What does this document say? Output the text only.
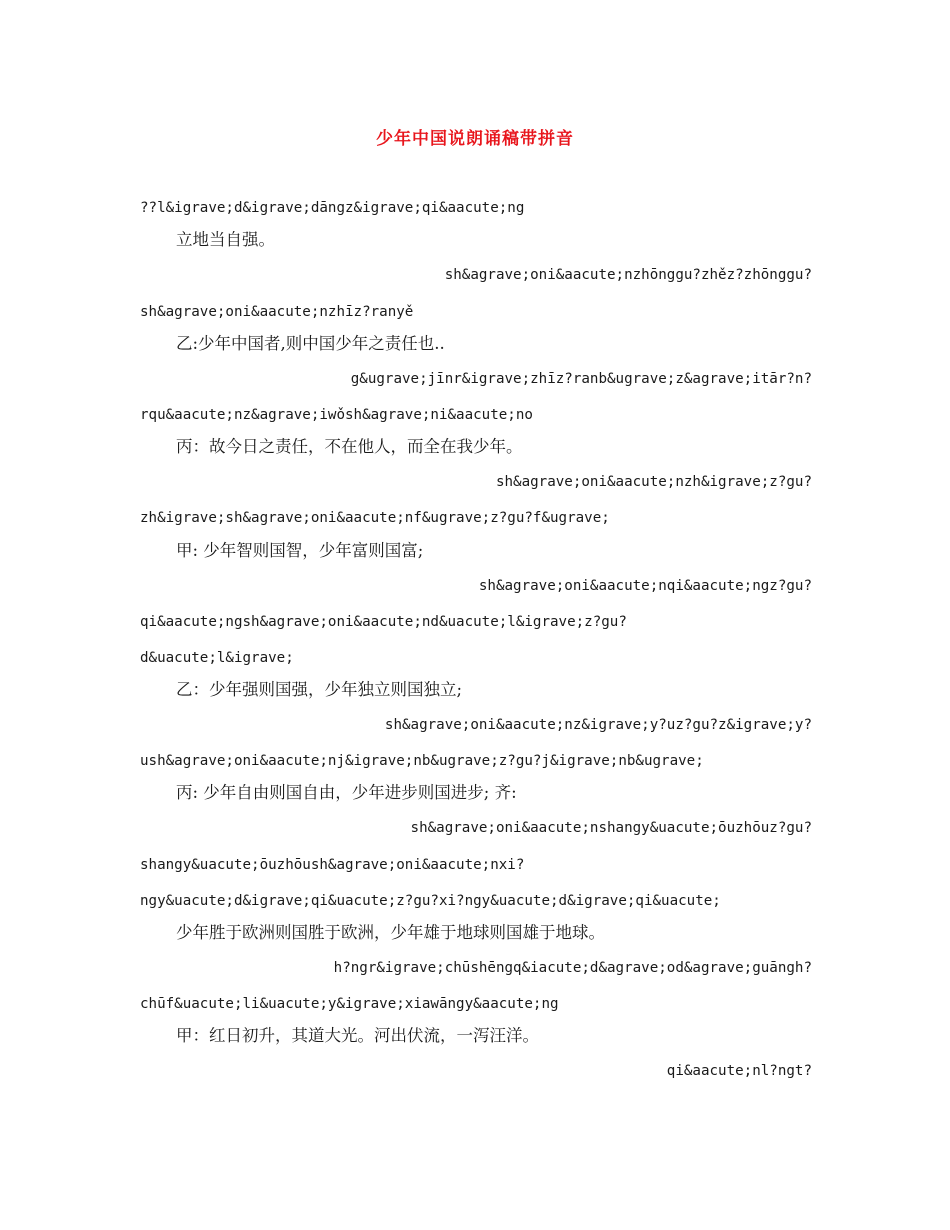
少年中国说朗诵稿带拼音
??l&igrave;d&igrave;dāngz&igrave;qi&aacute;ng
立地当自强。
sh&agrave;oni&aacute;nzhōnggu?zhěz?zhōnggu?
sh&agrave;oni&aacute;nzhīz?ranyě
乙:少年中国者,则中国少年之责任也..
g&ugrave;jīnr&igrave;zhīz?ranb&ugrave;z&agrave;itār?n?
rqu&aacute;nz&agrave;iwǒsh&agrave;ni&aacute;no
丙：故今日之责任，不在他人，而全在我少年。
sh&agrave;oni&aacute;nzh&igrave;z?gu?
zh&igrave;sh&agrave;oni&aacute;nf&ugrave;z?gu?f&ugrave;
甲: 少年智则国智，少年富则国富;
sh&agrave;oni&aacute;nqi&aacute;ngz?gu?
qi&aacute;ngsh&agrave;oni&aacute;nd&uacute;l&igrave;z?gu?
d&uacute;l&igrave;
乙：少年强则国强，少年独立则国独立;
sh&agrave;oni&aacute;nz&igrave;y?uz?gu?z&igrave;y?
ush&agrave;oni&aacute;nj&igrave;nb&ugrave;z?gu?j&igrave;nb&ugrave;
丙: 少年自由则国自由，少年进步则国进步; 齐:
sh&agrave;oni&aacute;nshangy&uacute;ōuzhōuz?gu?
shangy&uacute;ōuzhōush&agrave;oni&aacute;nxi?
ngy&uacute;d&igrave;qi&uacute;z?gu?xi?ngy&uacute;d&igrave;qi&uacute;
少年胜于欧洲则国胜于欧洲，少年雄于地球则国雄于地球。
h?ngr&igrave;chūshēngq&iacute;d&agrave;od&agrave;guāngh?
chūf&uacute;li&uacute;y&igrave;xiawāngy&aacute;ng
甲：红日初升，其道大光。河出伏流，一泻汪洋。
qi&aacute;nl?ngt?
